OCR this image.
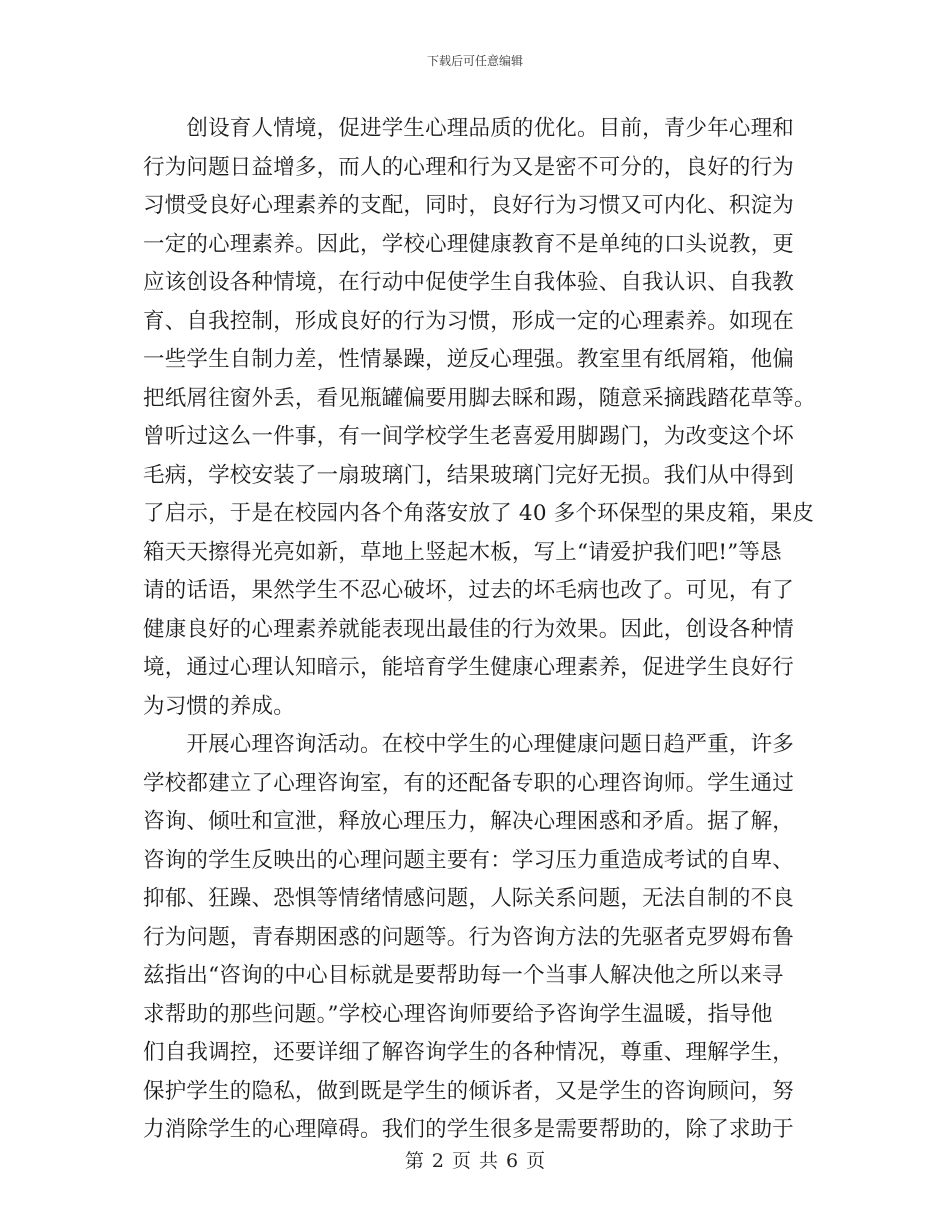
下载后可任意编辑
　　创设育人情境，促进学生心理品质的优化。目前，青少年心理和
行为问题日益增多，而人的心理和行为又是密不可分的，良好的行为
习惯受良好心理素养的支配，同时，良好行为习惯又可内化、积淀为
一定的心理素养。因此，学校心理健康教育不是单纯的口头说教，更
应该创设各种情境，在行动中促使学生自我体验、自我认识、自我教
育、自我控制，形成良好的行为习惯，形成一定的心理素养。如现在
一些学生自制力差，性情暴躁，逆反心理强。教室里有纸屑箱，他偏
把纸屑往窗外丢，看见瓶罐偏要用脚去睬和踢，随意采摘践踏花草等。
曾听过这么一件事，有一间学校学生老喜爱用脚踢门，为改变这个坏
毛病，学校安装了一扇玻璃门，结果玻璃门完好无损。我们从中得到
了启示，于是在校园内各个角落安放了 40 多个环保型的果皮箱，果皮
箱天天擦得光亮如新，草地上竖起木板，写上“请爱护我们吧!”等恳
请的话语，果然学生不忍心破坏，过去的坏毛病也改了。可见，有了
健康良好的心理素养就能表现出最佳的行为效果。因此，创设各种情
境，通过心理认知暗示，能培育学生健康心理素养，促进学生良好行
为习惯的养成。
　　开展心理咨询活动。在校中学生的心理健康问题日趋严重，许多
学校都建立了心理咨询室，有的还配备专职的心理咨询师。学生通过
咨询、倾吐和宣泄，释放心理压力，解决心理困惑和矛盾。据了解，
咨询的学生反映出的心理问题主要有：学习压力重造成考试的自卑、
抑郁、狂躁、恐惧等情绪情感问题，人际关系问题，无法自制的不良
行为问题，青春期困惑的问题等。行为咨询方法的先驱者克罗姆布鲁
兹指出“咨询的中心目标就是要帮助每一个当事人解决他之所以来寻
求帮助的那些问题。”学校心理咨询师要给予咨询学生温暖，指导他
们自我调控，还要详细了解咨询学生的各种情况，尊重、理解学生，
保护学生的隐私，做到既是学生的倾诉者，又是学生的咨询顾问，努
力消除学生的心理障碍。我们的学生很多是需要帮助的，除了求助于
第 2 页 共 6 页
